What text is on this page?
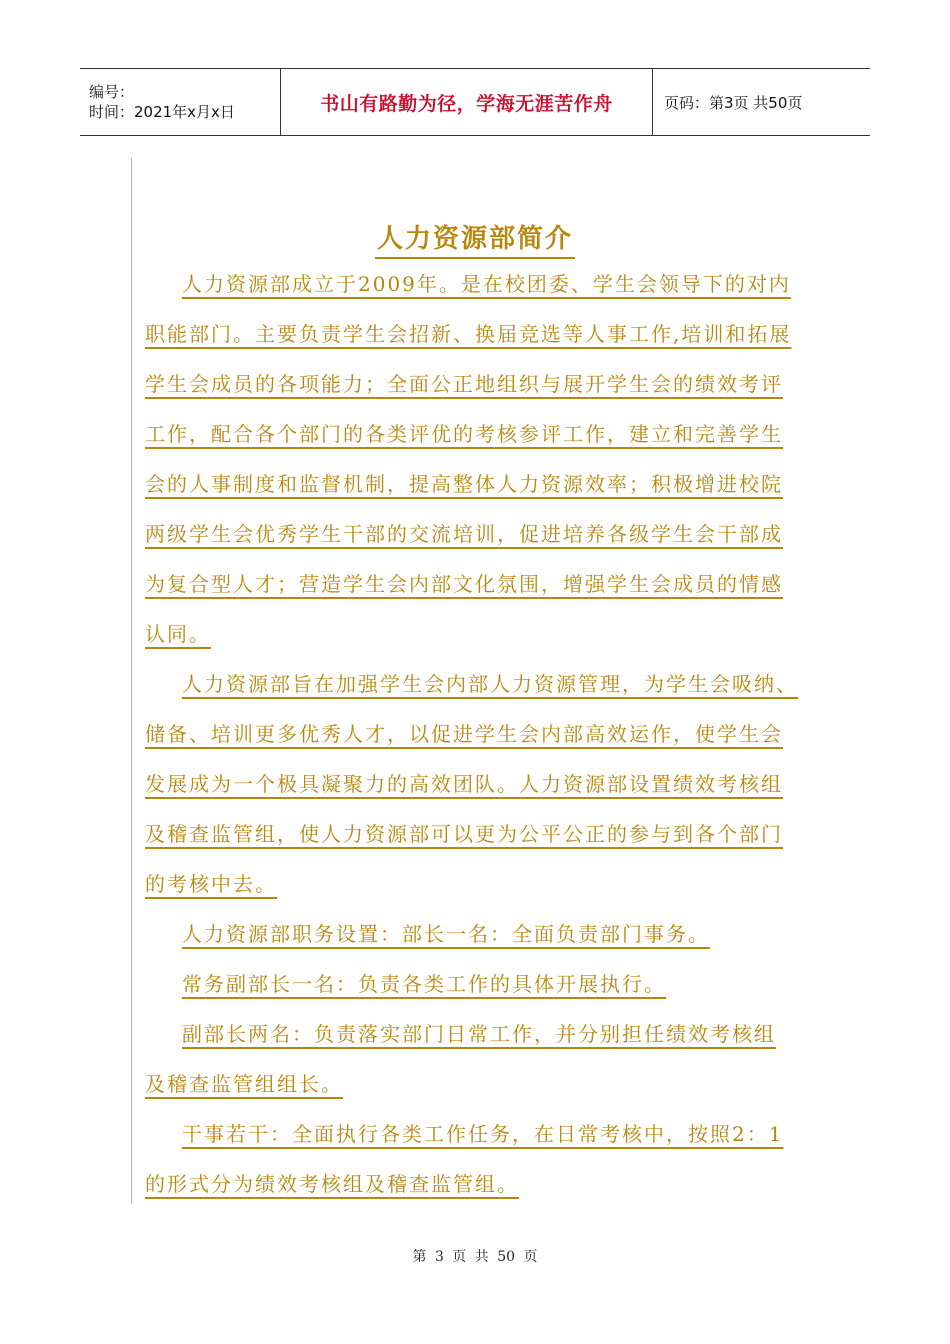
编号：
时间：2021年x月x日	书山有路勤为径，学海无涯苦作舟	页码：第3页 共50页
人力资源部简介
人力资源部成立于2009年。是在校团委、学生会领导下的对内
职能部门。主要负责学生会招新、换届竞选等人事工作,培训和拓展
学生会成员的各项能力；全面公正地组织与展开学生会的绩效考评
工作，配合各个部门的各类评优的考核参评工作，建立和完善学生
会的人事制度和监督机制，提高整体人力资源效率；积极增进校院
两级学生会优秀学生干部的交流培训，促进培养各级学生会干部成
为复合型人才；营造学生会内部文化氛围，增强学生会成员的情感
认同。
人力资源部旨在加强学生会内部人力资源管理，为学生会吸纳、
储备、培训更多优秀人才，以促进学生会内部高效运作，使学生会
发展成为一个极具凝聚力的高效团队。人力资源部设置绩效考核组
及稽查监管组，使人力资源部可以更为公平公正的参与到各个部门
的考核中去。
人力资源部职务设置：部长一名：全面负责部门事务。
常务副部长一名：负责各类工作的具体开展执行。
副部长两名：负责落实部门日常工作，并分别担任绩效考核组
及稽查监管组组长。
干事若干：全面执行各类工作任务，在日常考核中，按照2：1
的形式分为绩效考核组及稽查监管组。
第 3 页 共 50 页
